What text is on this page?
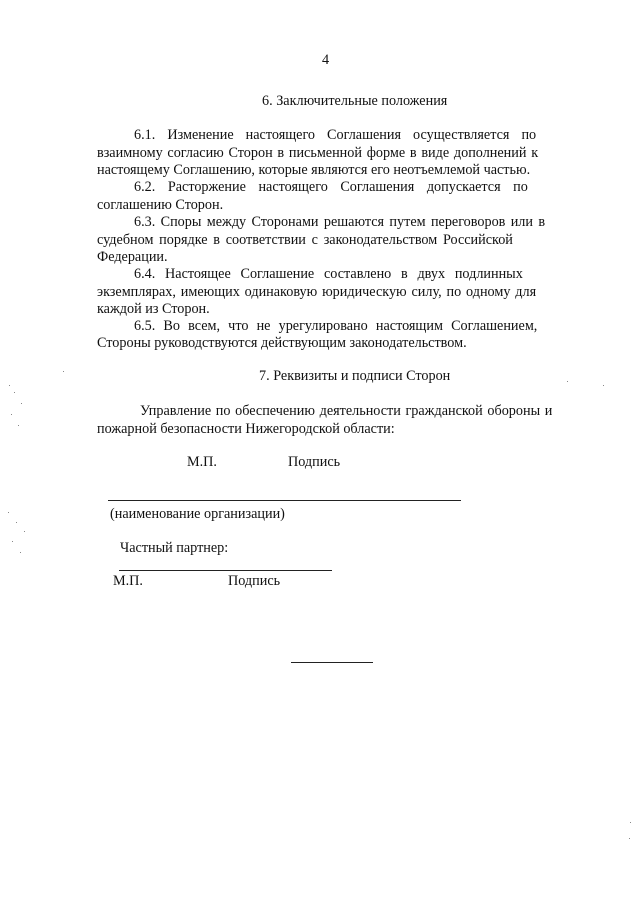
4
6. Заключительные положения
6.1. Изменение настоящего Соглашения осуществляется по
взаимному согласию Сторон в письменной форме в виде дополнений к
настоящему Соглашению, которые являются его неотъемлемой частью.
6.2. Расторжение настоящего Соглашения допускается по
соглашению Сторон.
6.3. Споры между Сторонами решаются путем переговоров или в
судебном порядке в соответствии с законодательством Российской
Федерации.
6.4. Настоящее Соглашение составлено в двух подлинных
экземплярах, имеющих одинаковую юридическую силу, по одному для
каждой из Сторон.
6.5. Во всем, что не урегулировано настоящим Соглашением,
Стороны руководствуются действующим законодательством.
7. Реквизиты и подписи Сторон
Управление по обеспечению деятельности гражданской обороны и
пожарной безопасности Нижегородской области:
М.П.	Подпись
(наименование организации)
Частный партнер:
М.П.	Подпись
